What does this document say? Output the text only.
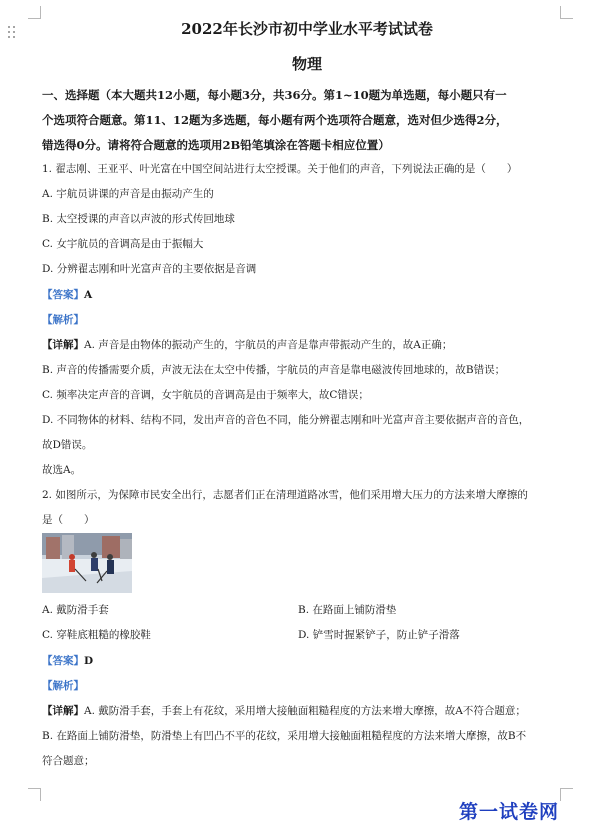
2022年长沙市初中学业水平考试试卷
物理
一、选择题（本大题共12小题，每小题3分，共36分。第1~10题为单选题，每小题只有一
个选项符合题意。第11、12题为多选题，每小题有两个选项符合题意，选对但少选得2分，
错选得0分。请将符合题意的选项用2B铅笔填涂在答题卡相应位置）
1. 翟志刚、王亚平、叶光富在中国空间站进行太空授课。关于他们的声音，下列说法正确的是（　　）
A. 宇航员讲课的声音是由振动产生的
B. 太空授课的声音以声波的形式传回地球
C. 女宇航员的音调高是由于振幅大
D. 分辨翟志刚和叶光富声音的主要依据是音调
【答案】A
【解析】
【详解】A. 声音是由物体的振动产生的，宇航员的声音是靠声带振动产生的，故A正确；
B. 声音的传播需要介质，声波无法在太空中传播，宇航员的声音是靠电磁波传回地球的，故B错误；
C. 频率决定声音的音调，女宇航员的音调高是由于频率大，故C错误；
D. 不同物体的材料、结构不同，发出声音的音色不同，能分辨翟志刚和叶光富声音主要依据声音的音色，
故D错误。
故选A。
2. 如图所示，为保障市民安全出行，志愿者们正在清理道路冰雪，他们采用增大压力的方法来增大摩擦的
是（　　）
A. 戴防滑手套	B. 在路面上铺防滑垫
C. 穿鞋底粗糙的橡胶鞋	D. 铲雪时握紧铲子，防止铲子滑落
【答案】D
【解析】
【详解】A. 戴防滑手套，手套上有花纹，采用增大接触面粗糙程度的方法来增大摩擦，故A不符合题意；
B. 在路面上铺防滑垫，防滑垫上有凹凸不平的花纹，采用增大接触面粗糙程度的方法来增大摩擦，故B不
符合题意；
第一试卷网
